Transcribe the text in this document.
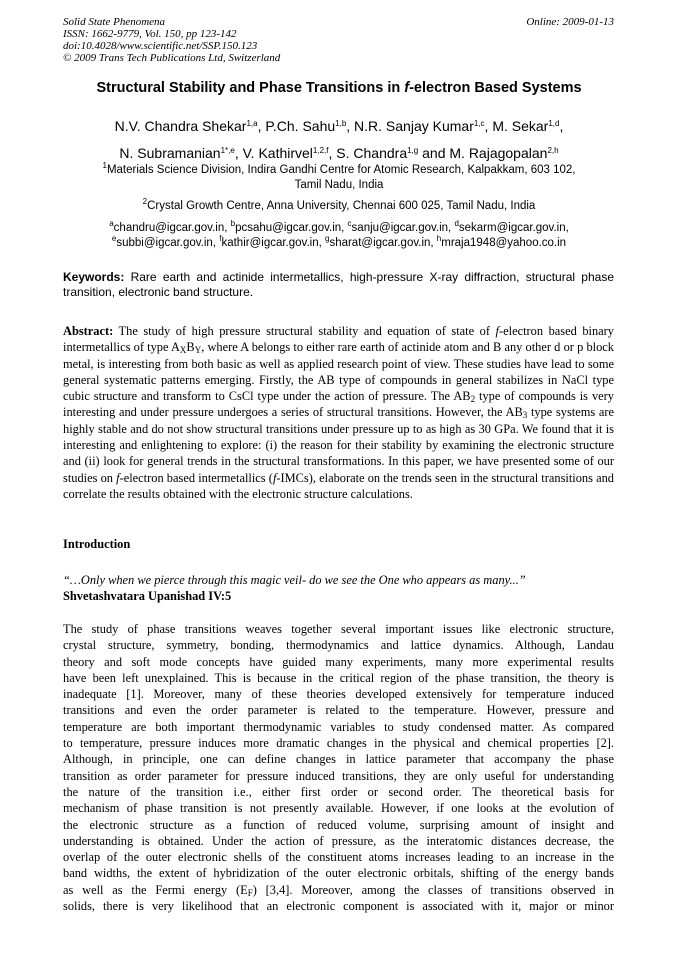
Solid State Phenomena
ISSN: 1662-9779, Vol. 150, pp 123-142
doi:10.4028/www.scientific.net/SSP.150.123
© 2009 Trans Tech Publications Ltd, Switzerland
Online: 2009-01-13
Structural Stability and Phase Transitions in f-electron Based Systems
N.V. Chandra Shekar$^{1,a}$, P.Ch. Sahu$^{1,b}$, N.R. Sanjay Kumar$^{1,c}$, M. Sekar$^{1,d}$,
N. Subramanian$^{1*,e}$, V. Kathirvel$^{1,2,f}$, S. Chandra$^{1,g}$ and M. Rajagopalan$^{2,h}$
$^1$Materials Science Division, Indira Gandhi Centre for Atomic Research, Kalpakkam, 603 102,
Tamil Nadu, India
$^2$Crystal Growth Centre, Anna University, Chennai 600 025, Tamil Nadu, India
$^a$chandru@igcar.gov.in, $^b$pcsahu@igcar.gov.in, $^c$sanju@igcar.gov.in, $^d$sekarm@igcar.gov.in,
$^e$subbi@igcar.gov.in, $^f$kathir@igcar.gov.in, $^g$sharat@igcar.gov.in, $^h$mraja1948@yahoo.co.in
Keywords: Rare earth and actinide intermetallics, high-pressure X-ray diffraction, structural phase transition, electronic band structure.
Abstract: The study of high pressure structural stability and equation of state of f-electron based binary intermetallics of type $A_XB_Y$, where A belongs to either rare earth of actinide atom and B any other d or p block metal, is interesting from both basic as well as applied research point of view. These studies have lead to some general systematic patterns emerging. Firstly, the AB type of compounds in general stabilizes in NaCl type cubic structure and transform to CsCl type under the action of pressure. The $AB_2$ type of compounds is very interesting and under pressure undergoes a series of structural transitions. However, the $AB_3$ type systems are highly stable and do not show structural transitions under pressure up to as high as 30 GPa. We found that it is interesting and enlightening to explore: (i) the reason for their stability by examining the electronic structure and (ii) look for general trends in the structural transformations. In this paper, we have presented some of our studies on f-electron based intermetallics (f-IMCs), elaborate on the trends seen in the structural transitions and correlate the results obtained with the electronic structure calculations.
Introduction
“…Only when we pierce through this magic veil- do we see the One who appears as many...”
Shvetashvatara Upanishad IV:5
The study of phase transitions weaves together several important issues like electronic structure,
crystal structure, symmetry, bonding, thermodynamics and lattice dynamics. Although, Landau
theory and soft mode concepts have guided many experiments, many more experimental results
have been left unexplained. This is because in the critical region of the phase transition, the theory is
inadequate [1]. Moreover, many of these theories developed extensively for temperature induced
transitions and even the order parameter is related to the temperature. However, pressure and
temperature are both important thermodynamic variables to study condensed matter. As compared
to temperature, pressure induces more dramatic changes in the physical and chemical properties [2].
Although, in principle, one can define changes in lattice parameter that accompany the phase
transition as order parameter for pressure induced transitions, they are only useful for understanding
the nature of the transition i.e., either first order or second order. The theoretical basis for
mechanism of phase transition is not presently available. However, if one looks at the evolution of
the electronic structure as a function of reduced volume, surprising amount of insight and
understanding is obtained. Under the action of pressure, as the interatomic distances decrease, the
overlap of the outer electronic shells of the constituent atoms increases leading to an increase in the
band widths, the extent of hybridization of the outer electronic orbitals, shifting of the energy bands
as well as the Fermi energy $(E_F)$ [3,4]. Moreover, among the classes of transitions observed in
solids, there is very likelihood that an electronic component is associated with it, major or minor
